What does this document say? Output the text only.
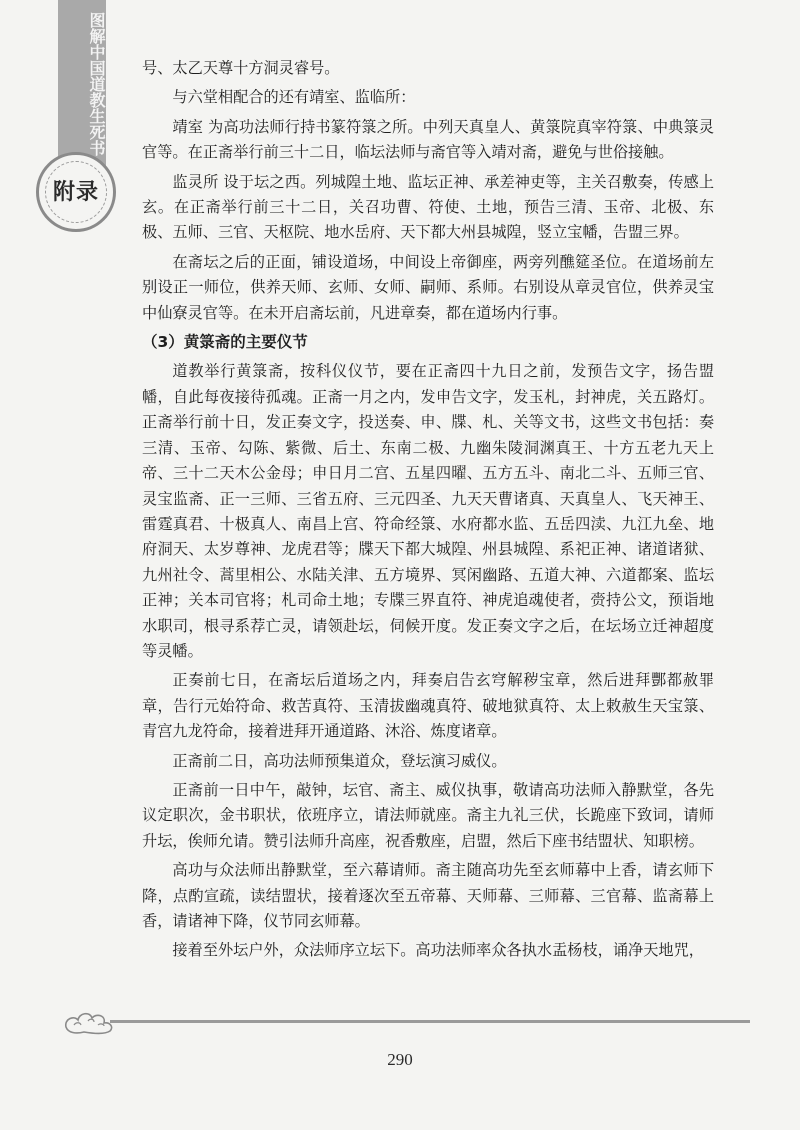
图解中国道教生死书
附录

号、太乙天尊十方洞灵睿号。

与六堂相配合的还有靖室、监临所：

靖室 为高功法师行持书篆符箓之所。中列天真皇人、黄箓院真宰符箓、中典箓灵官等。在正斋举行前三十二日，临坛法师与斋官等入靖对斋，避免与世俗接触。

监灵所 设于坛之西。列城隍土地、监坛正神、承差神吏等，主关召敷奏，传感上玄。在正斋举行前三十二日，关召功曹、符使、土地，预告三清、玉帝、北极、东极、五师、三官、天枢院、地水岳府、天下都大州县城隍，竖立宝幡，告盟三界。

在斋坛之后的正面，铺设道场，中间设上帝御座，两旁列醮筵圣位。在道场前左别设正一师位，供养天师、玄师、女师、嗣师、系师。右别设从章灵官位，供养灵宝中仙寮灵官等。在未开启斋坛前，凡进章奏，都在道场内行事。

（3）黄箓斋的主要仪节

道教举行黄箓斋，按科仪仪节，要在正斋四十九日之前，发预告文字，扬告盟幡，自此每夜接待孤魂。正斋一月之内，发申告文字，发玉札，封神虎，关五路灯。正斋举行前十日，发正奏文字，投送奏、申、牒、札、关等文书，这些文书包括：奏三清、玉帝、勾陈、紫微、后土、东南二极、九幽朱陵洞渊真王、十方五老九天上帝、三十二天木公金母；申日月二宫、五星四曜、五方五斗、南北二斗、五师三官、灵宝监斋、正一三师、三省五府、三元四圣、九天天曹诸真、天真皇人、飞天神王、雷霆真君、十极真人、南昌上宫、符命经箓、水府都水监、五岳四渎、九江九垒、地府洞天、太岁尊神、龙虎君等；牒天下都大城隍、州县城隍、系祀正神、诸道诸狱、九州社令、蒿里相公、水陆关津、五方境界、冥闲幽路、五道大神、六道都案、监坛正神；关本司官将；札司命土地；专牒三界直符、神虎追魂使者，赍持公文，预诣地水职司，根寻系荐亡灵，请领赴坛，伺候开度。发正奏文字之后，在坛场立迁神超度等灵幡。

正奏前七日，在斋坛后道场之内，拜奏启告玄穹解秽宝章，然后进拜酆都赦罪章，告行元始符命、救苦真符、玉清拔幽魂真符、破地狱真符、太上敕赦生天宝箓、青宫九龙符命，接着进拜开通道路、沐浴、炼度诸章。

正斋前二日，高功法师预集道众，登坛演习威仪。

正斋前一日中午，敲钟，坛官、斋主、威仪执事，敬请高功法师入静默堂，各先议定职次，金书职状，依班序立，请法师就座。斋主九礼三伏，长跪座下致词，请师升坛，俟师允请。赞引法师升高座，祝香敷座，启盟，然后下座书结盟状、知职榜。

高功与众法师出静默堂，至六幕请师。斋主随高功先至玄师幕中上香，请玄师下降，点酌宣疏，读结盟状，接着逐次至五帝幕、天师幕、三师幕、三官幕、监斋幕上香，请诸神下降，仪节同玄师幕。

接着至外坛户外，众法师序立坛下。高功法师率众各执水盂杨枝，诵净天地咒，

290
